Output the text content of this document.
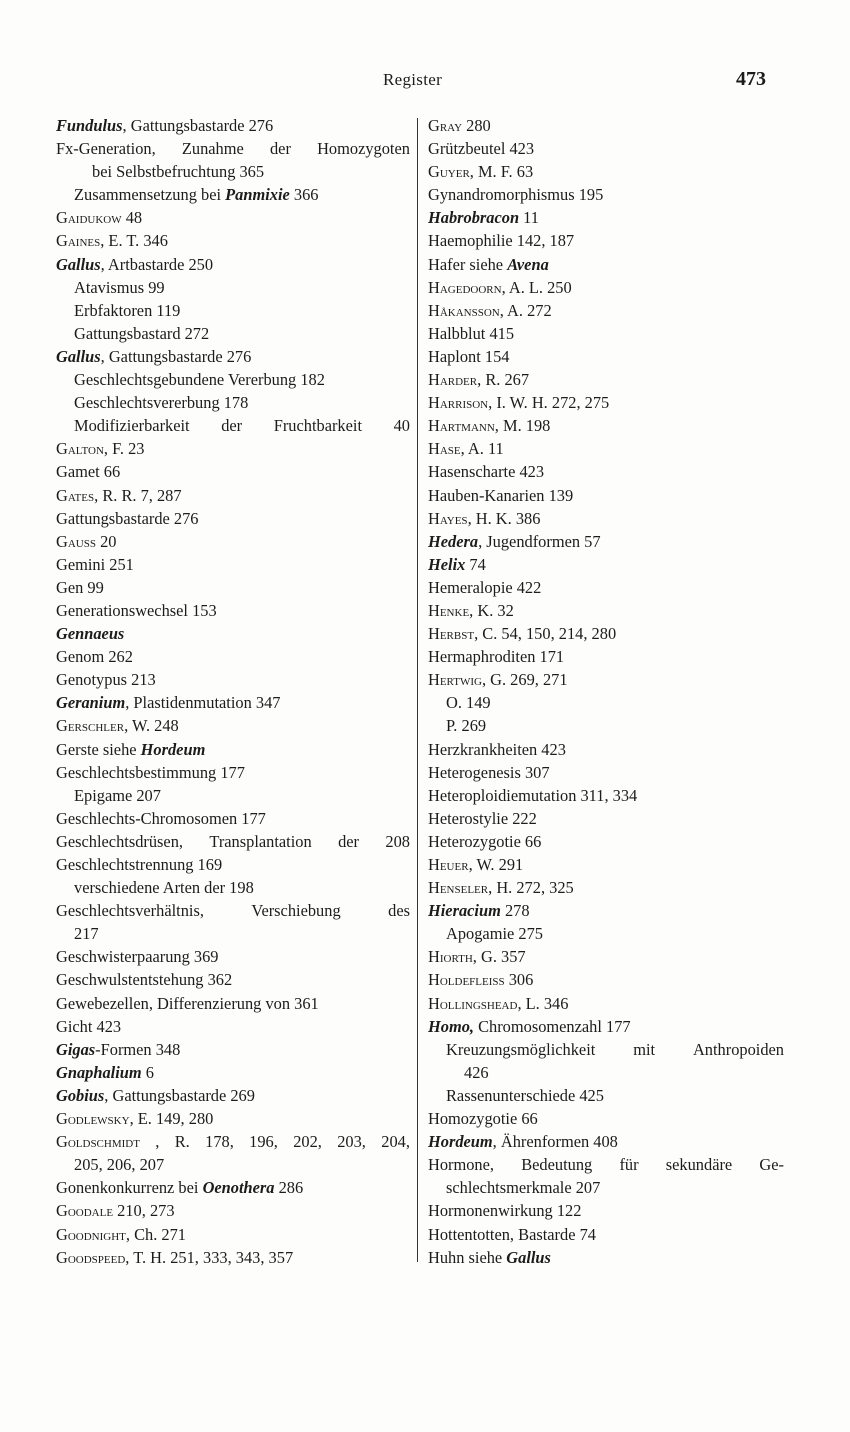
Register	473
Fundulus, Gattungsbastarde 276
Fx-Generation, Zunahme der Homozygoten
bei Selbstbefruchtung 365
Zusammensetzung bei Panmixie 366
Gaidukow 48
Gaines, E. T. 346
Gallus, Artbastarde 250
Atavismus 99
Erbfaktoren 119
Gattungsbastard 272
Gallus, Gattungsbastarde 276
Geschlechtsgebundene Vererbung 182
Geschlechtsvererbung 178
Modifizierbarkeit der Fruchtbarkeit 40
Galton, F. 23
Gamet 66
Gates, R. R. 7, 287
Gattungsbastarde 276
Gauss 20
Gemini 251
Gen 99
Generationswechsel 153
Gennaeus
Genom 262
Genotypus 213
Geranium, Plastidenmutation 347
Gerschler, W. 248
Gerste siehe Hordeum
Geschlechtsbestimmung 177
Epigame 207
Geschlechts-Chromosomen 177
Geschlechtsdrüsen, Transplantation der 208
Geschlechtstrennung 169
verschiedene Arten der 198
Geschlechtsverhältnis,	Verschiebung	des
217
Geschwisterpaarung 369
Geschwulstentstehung 362
Gewebezellen, Differenzierung von 361
Gicht 423
Gigas-Formen 348
Gnaphalium 6
Gobius, Gattungsbastarde 269
Godlewsky, E. 149, 280
Goldschmidt , R. 178, 196, 202, 203, 204,
205, 206, 207
Gonenkonkurrenz bei Oenothera 286
Goodale 210, 273
Goodnight, Ch. 271
Goodspeed, T. H. 251, 333, 343, 357
Gray 280
Grützbeutel 423
Guyer, M. F. 63
Gynandromorphismus 195
Habrobracon 11
Haemophilie 142, 187
Hafer siehe Avena
Hagedoorn, A. L. 250
Håkansson, A. 272
Halbblut 415
Haplont 154
Harder, R. 267
Harrison, I. W. H. 272, 275
Hartmann, M. 198
Hase, A. 11
Hasenscharte 423
Hauben-Kanarien 139
Hayes, H. K. 386
Hedera, Jugendformen 57
Helix 74
Hemeralopie 422
Henke, K. 32
Herbst, C. 54, 150, 214, 280
Hermaphroditen 171
Hertwig, G. 269, 271
O. 149
P. 269
Herzkrankheiten 423
Heterogenesis 307
Heteroploidiemutation 311, 334
Heterostylie 222
Heterozygotie 66
Heuer, W. 291
Henseler, H. 272, 325
Hieracium 278
Apogamie 275
Hiorth, G. 357
Holdefleiss 306
Hollingshead, L. 346
Homo, Chromosomenzahl 177
Kreuzungsmöglichkeit mit Anthropoiden
426
Rassenunterschiede 425
Homozygotie 66
Hordeum, Ährenformen 408
Hormone, Bedeutung für sekundäre Ge-
schlechtsmerkmale 207
Hormonenwirkung 122
Hottentotten, Bastarde 74
Huhn siehe Gallus
